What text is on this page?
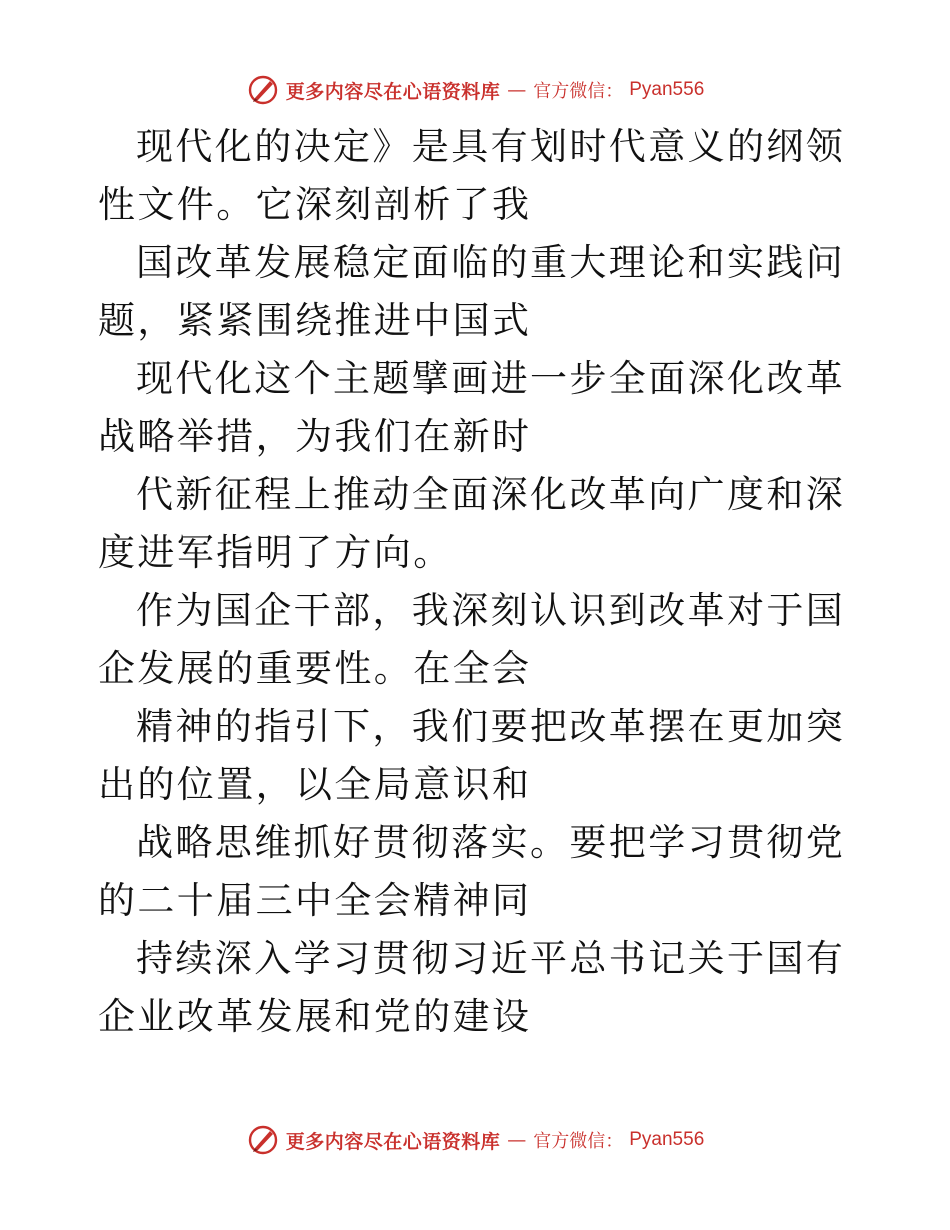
更多内容尽在心语资料库 — 官方微信： Pyan556

现代化的决定》是具有划时代意义的纲领性文件。它深刻剖析了我

国改革发展稳定面临的重大理论和实践问题，紧紧围绕推进中国式

现代化这个主题擘画进一步全面深化改革战略举措，为我们在新时

代新征程上推动全面深化改革向广度和深度进军指明了方向。

作为国企干部，我深刻认识到改革对于国企发展的重要性。在全会

精神的指引下，我们要把改革摆在更加突出的位置，以全局意识和

战略思维抓好贯彻落实。要把学习贯彻党的二十届三中全会精神同

持续深入学习贯彻习近平总书记关于国有企业改革发展和党的建设

更多内容尽在心语资料库 — 官方微信： Pyan556
